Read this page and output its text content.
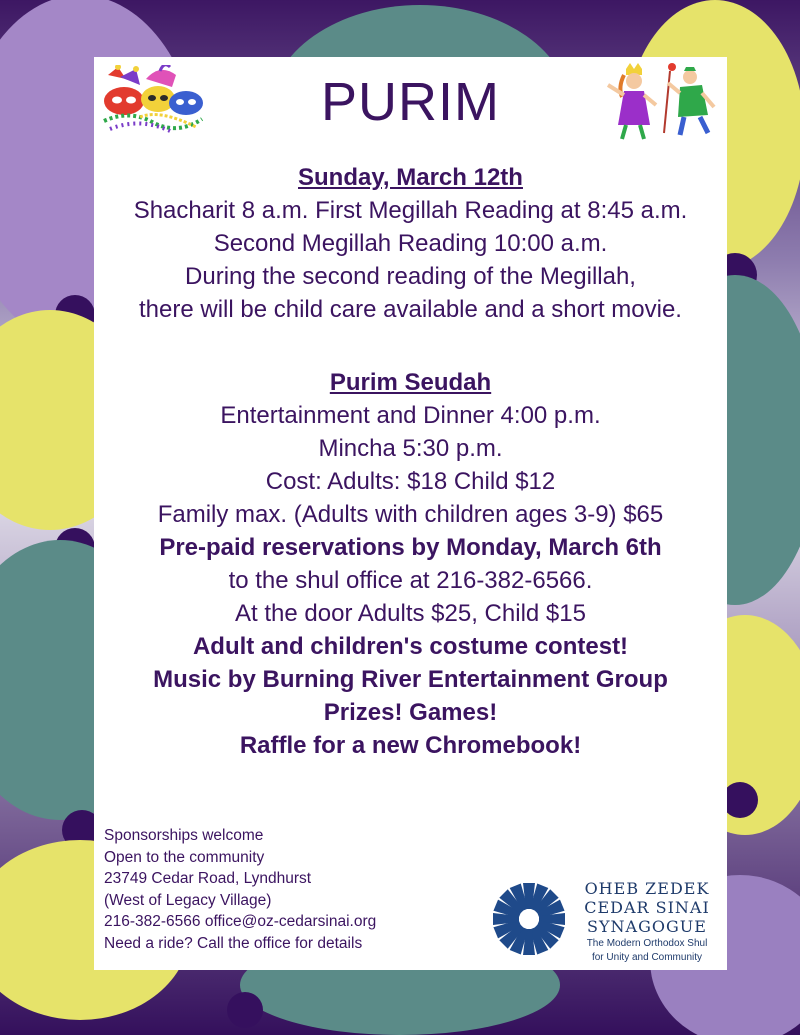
PURIM
Sunday, March 12th
Shacharit 8 a.m. First Megillah Reading at 8:45 a.m.
Second Megillah Reading 10:00 a.m.
During the second reading of the Megillah,
there will be child care available and a short movie.
Purim Seudah
Entertainment and Dinner 4:00 p.m.
Mincha 5:30 p.m.
Cost: Adults: $18 Child $12
Family max. (Adults with children ages 3-9) $65
Pre-paid reservations by Monday, March 6th
to the shul office at 216-382-6566.
At the door Adults $25, Child $15
Adult and children's costume contest!
Music by Burning River Entertainment Group
Prizes! Games!
Raffle for a new Chromebook!
Sponsorships welcome
Open to the community
23749 Cedar Road, Lyndhurst
(West of Legacy Village)
216-382-6566 office@oz-cedarsinai.org
Need a ride? Call the office for details
OHEB ZEDEK
CEDAR SINAI
SYNAGOGUE
The Modern Orthodox Shul
for Unity and Community
